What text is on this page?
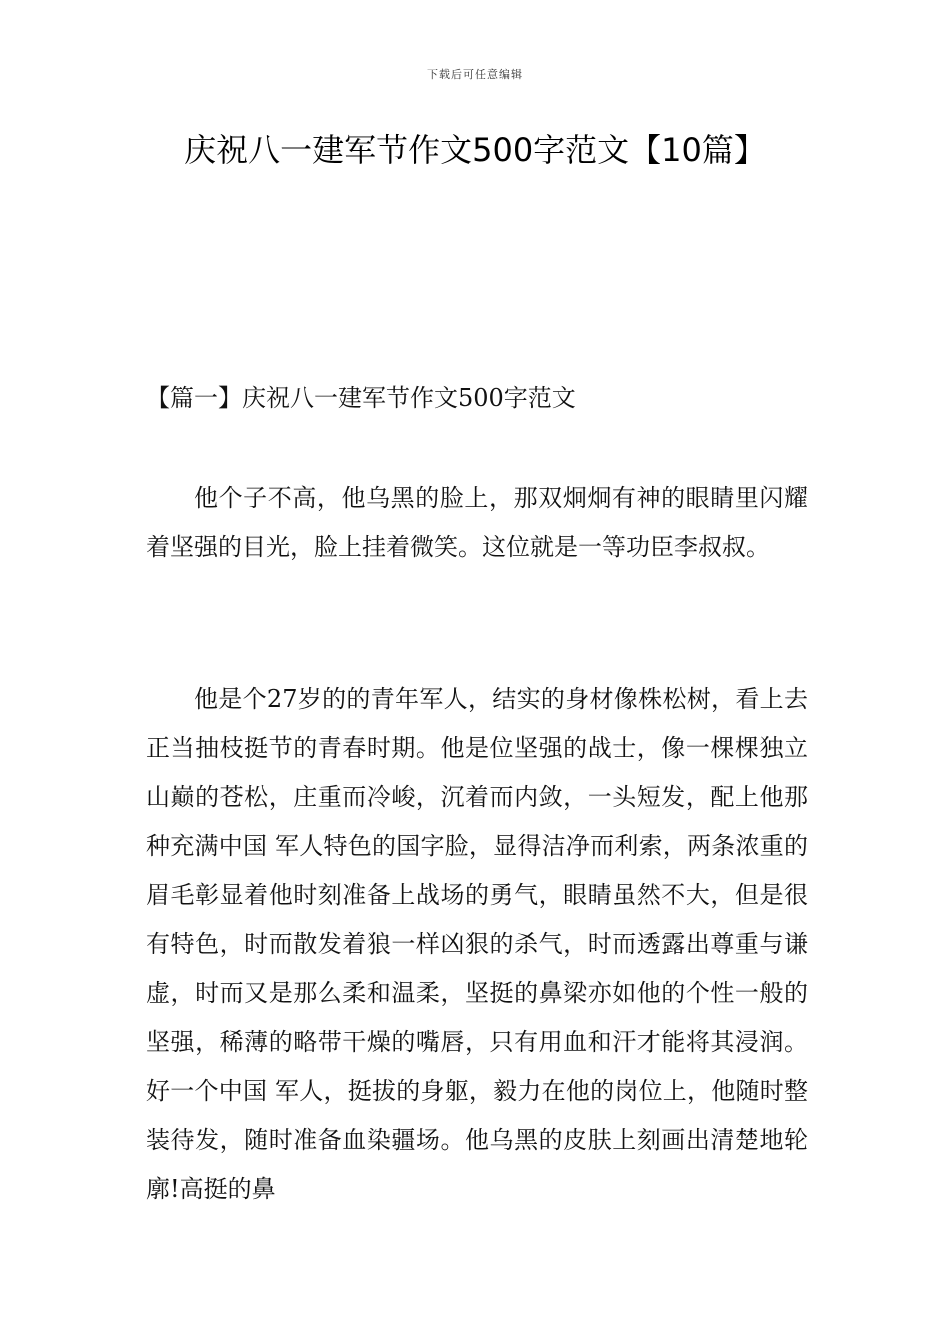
下载后可任意编辑
庆祝八一建军节作文500字范文【10篇】
【篇一】庆祝八一建军节作文500字范文

他个子不高，他乌黑的脸上，那双炯炯有神的眼睛里闪耀着坚强的目光，脸上挂着微笑。这位就是一等功臣李叔叔。

他是个27岁的的青年军人，结实的身材像株松树，看上去正当抽枝挺节的青春时期。他是位坚强的战士，像一棵棵独立山巅的苍松，庄重而冷峻，沉着而内敛，一头短发，配上他那种充满中国 军人特色的国字脸，显得洁净而利索，两条浓重的眉毛彰显着他时刻准备上战场的勇气，眼睛虽然不大，但是很有特色，时而散发着狼一样凶狠的杀气，时而透露出尊重与谦虚，时而又是那么柔和温柔，坚挺的鼻梁亦如他的个性一般的坚强，稀薄的略带干燥的嘴唇，只有用血和汗才能将其浸润。好一个中国 军人，挺拔的身躯，毅力在他的岗位上，他随时整装待发，随时准备血染疆场。他乌黑的皮肤上刻画出清楚地轮廓!高挺的鼻
